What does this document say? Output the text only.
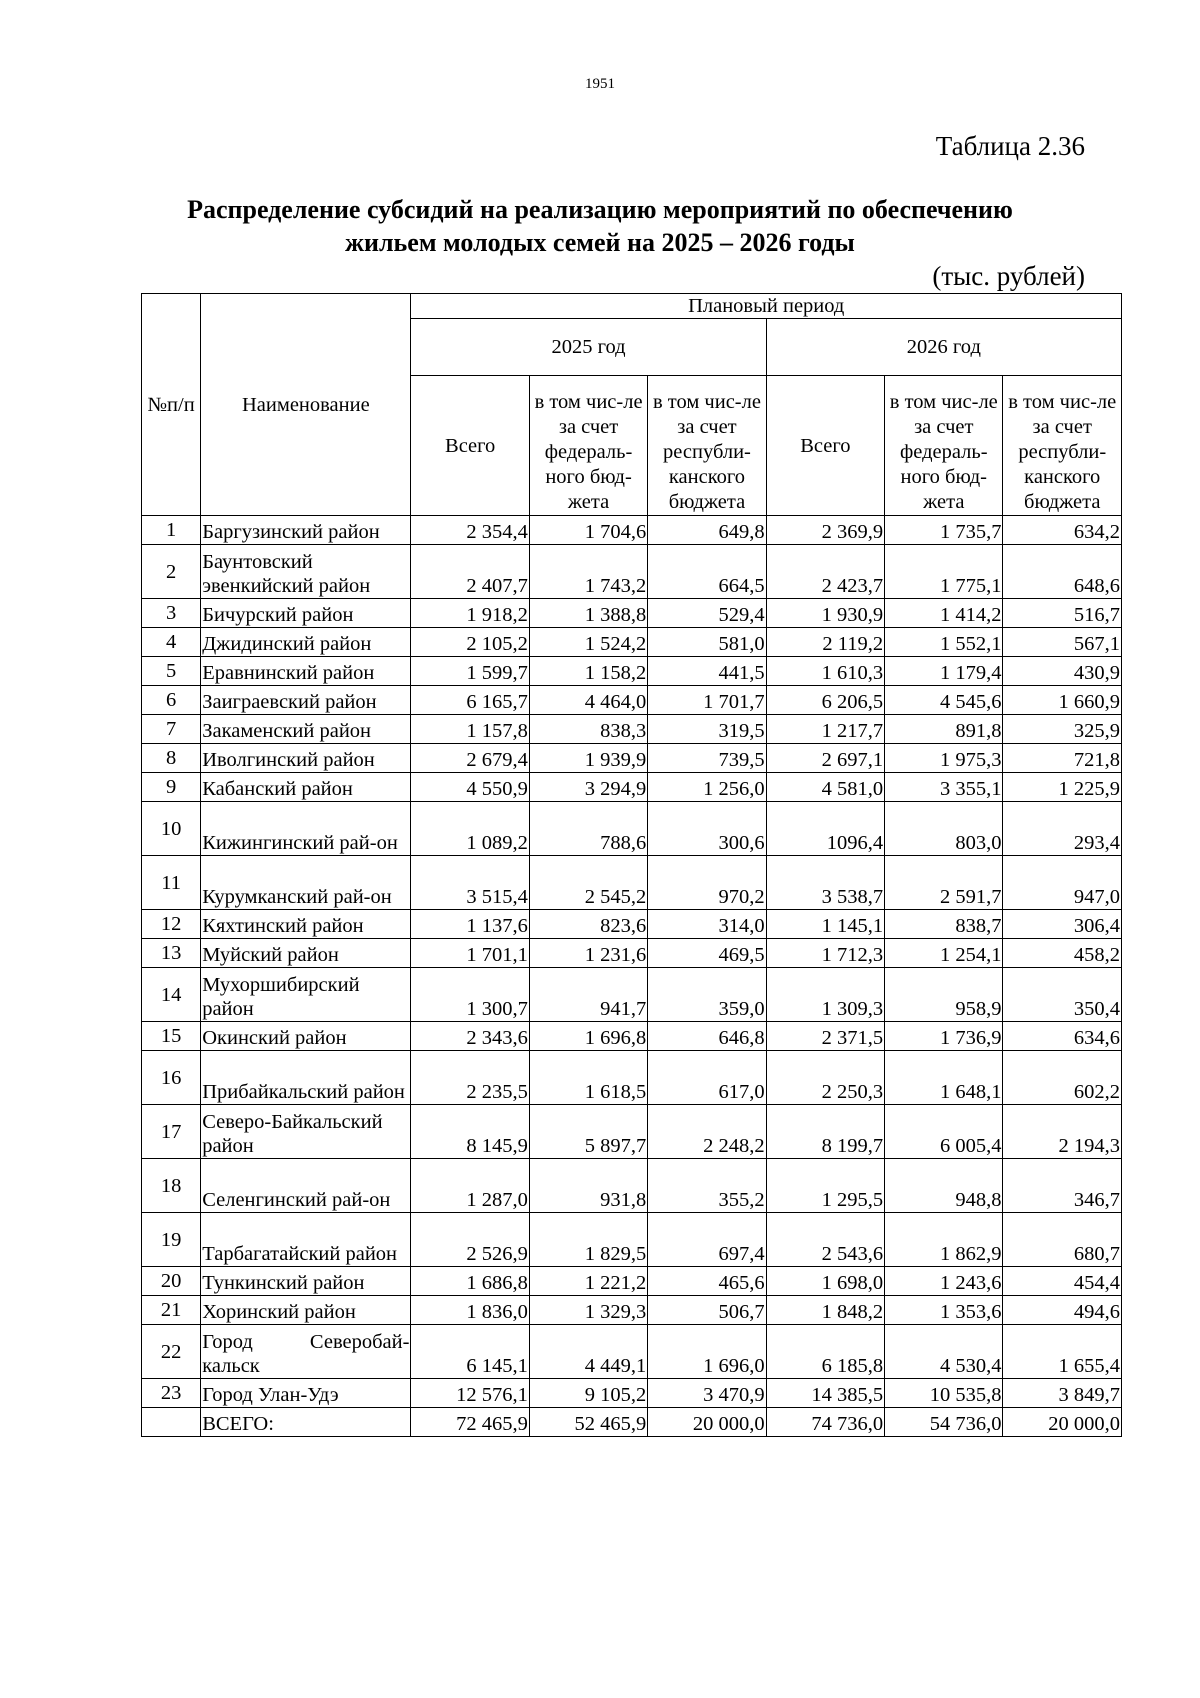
1951
Таблица 2.36
Распределение субсидий на реализацию мероприятий по обеспечению
жильем молодых семей на 2025 – 2026 годы
(тыс. рублей)
№п/п	Наименование	Плановый период					
		2025 год			2026 год		
		Всего	в том чис-ле за счет федераль-ного бюд-жета	в том чис-ле за счет республи-канского бюджета	Всего	в том чис-ле за счет федераль-ного бюд-жета	в том чис-ле за счет республи-канского бюджета
1	Баргузинский район	2 354,4	1 704,6	649,8	2 369,9	1 735,7	634,2
2	Баунтовский эвенкийский район	2 407,7	1 743,2	664,5	2 423,7	1 775,1	648,6
3	Бичурский район	1 918,2	1 388,8	529,4	1 930,9	1 414,2	516,7
4	Джидинский район	2 105,2	1 524,2	581,0	2 119,2	1 552,1	567,1
5	Еравнинский район	1 599,7	1 158,2	441,5	1 610,3	1 179,4	430,9
6	Заиграевский район	6 165,7	4 464,0	1 701,7	6 206,5	4 545,6	1 660,9
7	Закаменский район	1 157,8	838,3	319,5	1 217,7	891,8	325,9
8	Иволгинский район	2 679,4	1 939,9	739,5	2 697,1	1 975,3	721,8
9	Кабанский район	4 550,9	3 294,9	1 256,0	4 581,0	3 355,1	1 225,9
10	Кижингинский рай-он	1 089,2	788,6	300,6	1096,4	803,0	293,4
11	Курумканский рай-он	3 515,4	2 545,2	970,2	3 538,7	2 591,7	947,0
12	Кяхтинский район	1 137,6	823,6	314,0	1 145,1	838,7	306,4
13	Муйский район	1 701,1	1 231,6	469,5	1 712,3	1 254,1	458,2
14	Мухоршибирский район	1 300,7	941,7	359,0	1 309,3	958,9	350,4
15	Окинский район	2 343,6	1 696,8	646,8	2 371,5	1 736,9	634,6
16	Прибайкальский район	2 235,5	1 618,5	617,0	2 250,3	1 648,1	602,2
17	Северо-Байкальский район	8 145,9	5 897,7	2 248,2	8 199,7	6 005,4	2 194,3
18	Селенгинский рай-он	1 287,0	931,8	355,2	1 295,5	948,8	346,7
19	Тарбагатайский район	2 526,9	1 829,5	697,4	2 543,6	1 862,9	680,7
20	Тункинский район	1 686,8	1 221,2	465,6	1 698,0	1 243,6	454,4
21	Хоринский район	1 836,0	1 329,3	506,7	1 848,2	1 353,6	494,6
22	Город Северобай-кальск	6 145,1	4 449,1	1 696,0	6 185,8	4 530,4	1 655,4
23	Город Улан-Удэ	12 576,1	9 105,2	3 470,9	14 385,5	10 535,8	3 849,7
	ВСЕГО:	72 465,9	52 465,9	20 000,0	74 736,0	54 736,0	20 000,0
